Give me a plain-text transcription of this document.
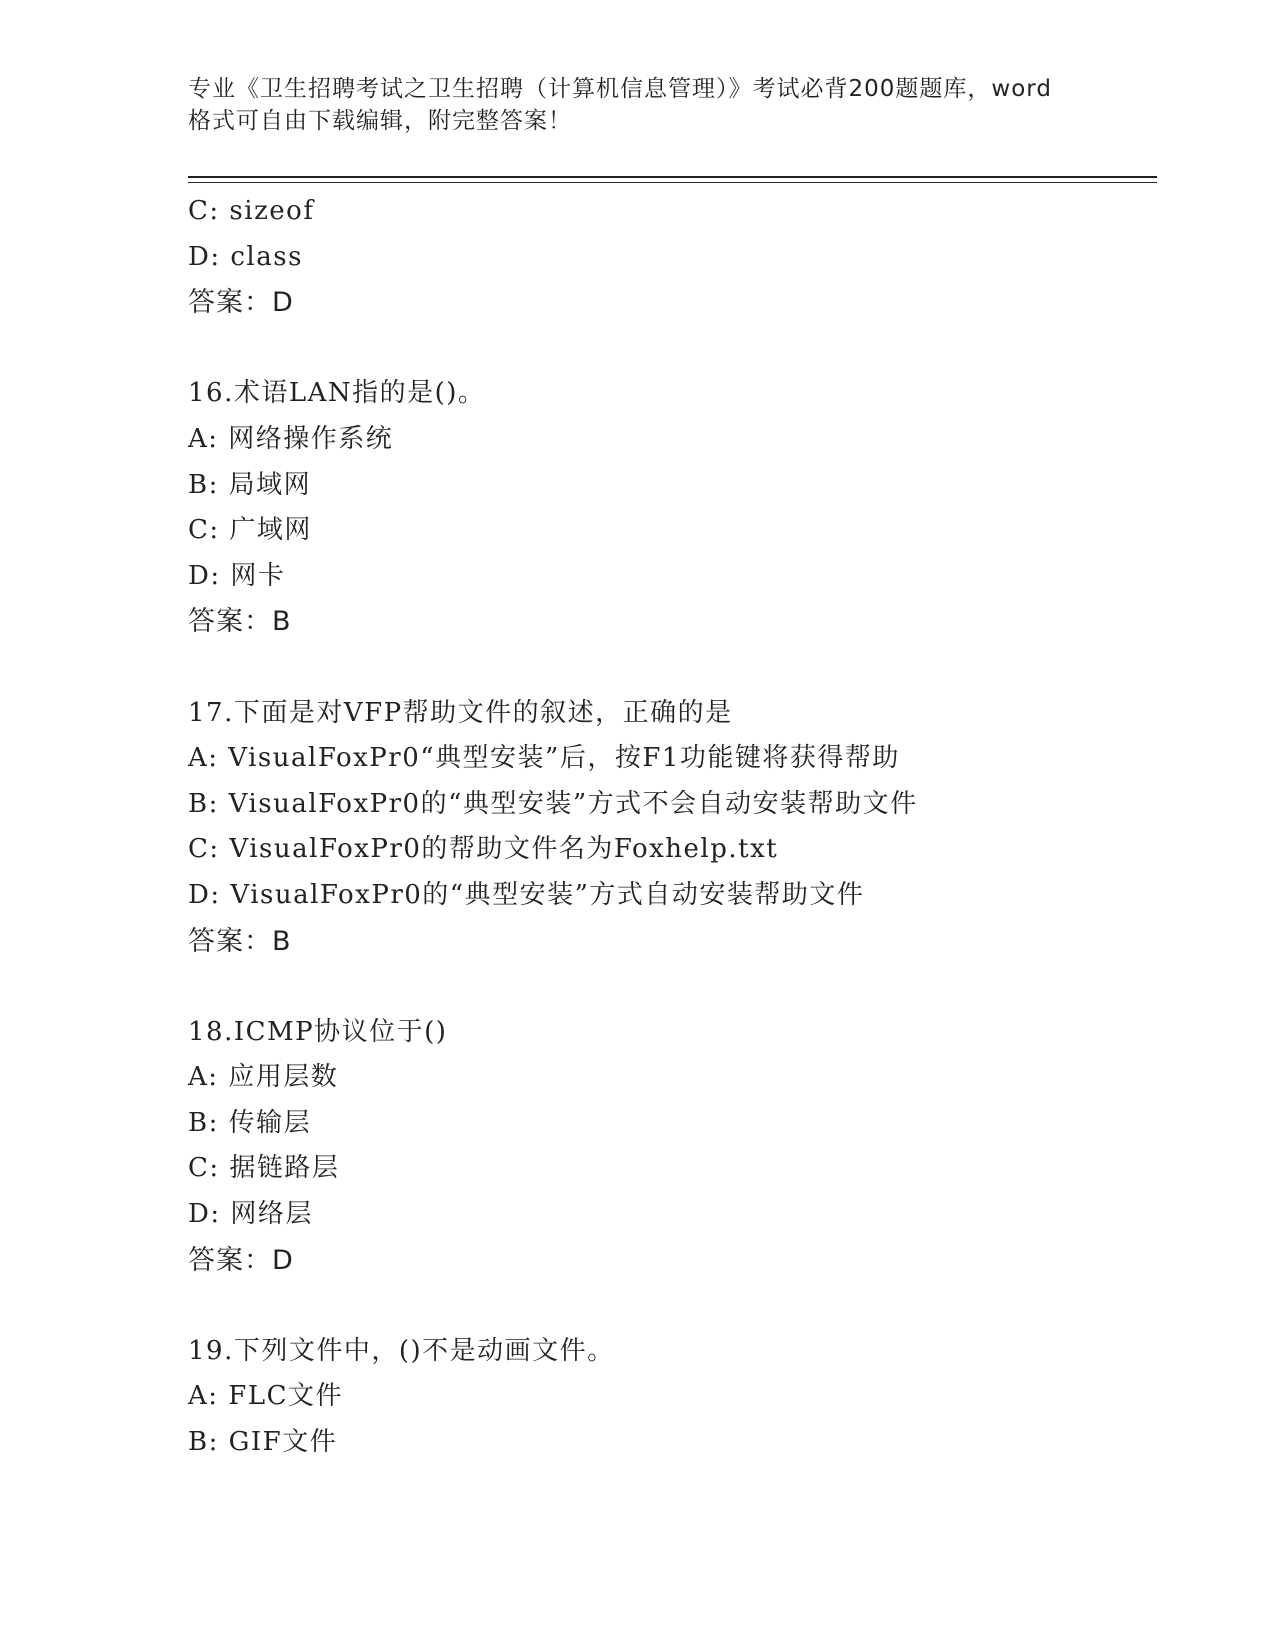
专业《卫生招聘考试之卫生招聘（计算机信息管理）》考试必背200题题库，word
格式可自由下载编辑，附完整答案！
C: sizeof
D: class
答案：D
16.术语LAN指的是()。
A: 网络操作系统
B: 局域网
C: 广域网
D: 网卡
答案：B
17.下面是对VFP帮助文件的叙述，正确的是
A: VisualFoxPr0“典型安装”后，按F1功能键将获得帮助
B: VisualFoxPr0的“典型安装”方式不会自动安装帮助文件
C: VisualFoxPr0的帮助文件名为Foxhelp.txt
D: VisualFoxPr0的“典型安装”方式自动安装帮助文件
答案：B
18.ICMP协议位于()
A: 应用层数
B: 传输层
C: 据链路层
D: 网络层
答案：D
19.下列文件中，()不是动画文件。
A: FLC文件
B: GIF文件
